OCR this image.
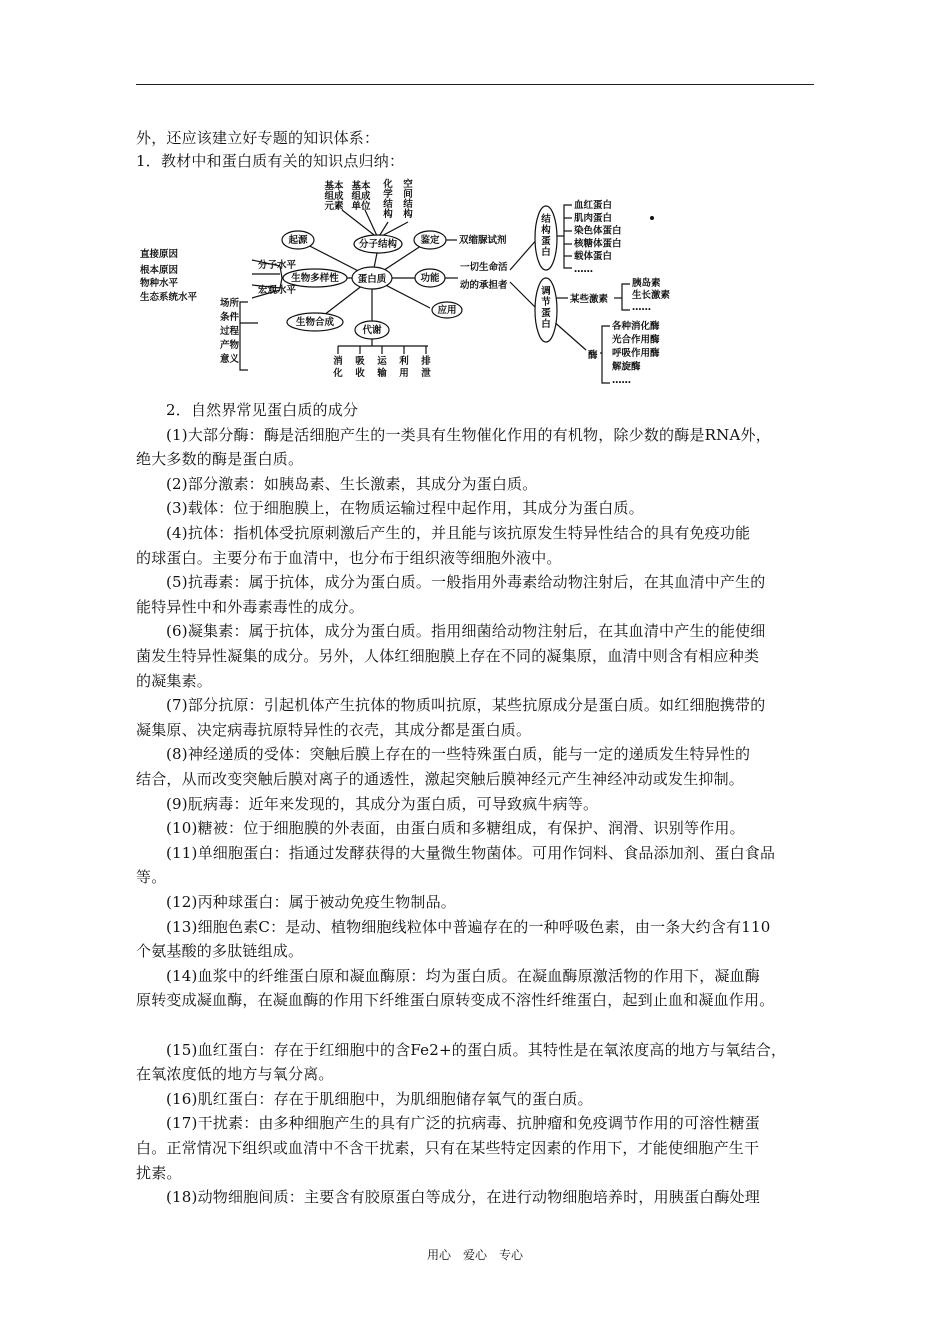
外，还应该建立好专题的知识体系：
1．教材中和蛋白质有关的知识点归纳：
基本
组成
元素
基本
组成
单位
化
学
结
构
空
间
结
构
分子结构
起源	鉴定 双缩脲试剂
生物多样性 蛋白质	功能
一切生命活
动的承担者
生物合成
代谢
应用
直接原因
根本原因
物种水平
生态系统水平
分子水平
宏观水平
场所
条件
过程
产物
意义	消
化
吸
收
运
输
利
用
排
泄
结
构
蛋
白
血红蛋白
肌肉蛋白
染色体蛋白
核糖体蛋白
载体蛋白
……
调
节
蛋
白
某些激素
胰岛素
生长激素
……
酶
各种消化酶
光合作用酶
呼吸作用酶
解旋酶
……
2．自然界常见蛋白质的成分
(1)大部分酶：酶是活细胞产生的一类具有生物催化作用的有机物，除少数的酶是RNA外，
绝大多数的酶是蛋白质。
(2)部分激素：如胰岛素、生长激素，其成分为蛋白质。
(3)载体：位于细胞膜上，在物质运输过程中起作用，其成分为蛋白质。
(4)抗体：指机体受抗原刺激后产生的，并且能与该抗原发生特异性结合的具有免疫功能
的球蛋白。主要分布于血清中，也分布于组织液等细胞外液中。
(5)抗毒素：属于抗体，成分为蛋白质。一般指用外毒素给动物注射后，在其血清中产生的
能特异性中和外毒素毒性的成分。
(6)凝集素：属于抗体，成分为蛋白质。指用细菌给动物注射后，在其血清中产生的能使细
菌发生特异性凝集的成分。另外，人体红细胞膜上存在不同的凝集原，血清中则含有相应种类
的凝集素。
(7)部分抗原：引起机体产生抗体的物质叫抗原，某些抗原成分是蛋白质。如红细胞携带的
凝集原、决定病毒抗原特异性的衣壳，其成分都是蛋白质。
(8)神经递质的受体：突触后膜上存在的一些特殊蛋白质，能与一定的递质发生特异性的
结合，从而改变突触后膜对离子的通透性，激起突触后膜神经元产生神经冲动或发生抑制。
(9)朊病毒：近年来发现的，其成分为蛋白质，可导致疯牛病等。
(10)糖被：位于细胞膜的外表面，由蛋白质和多糖组成，有保护、润滑、识别等作用。
(11)单细胞蛋白：指通过发酵获得的大量微生物菌体。可用作饲料、食品添加剂、蛋白食品
等。
(12)丙种球蛋白：属于被动免疫生物制品。
(13)细胞色素C：是动、植物细胞线粒体中普遍存在的一种呼吸色素，由一条大约含有110
个氨基酸的多肽链组成。
(14)血浆中的纤维蛋白原和凝血酶原：均为蛋白质。在凝血酶原激活物的作用下，凝血酶
原转变成凝血酶，在凝血酶的作用下纤维蛋白原转变成不溶性纤维蛋白，起到止血和凝血作用。
(15)血红蛋白：存在于红细胞中的含Fe2+的蛋白质。其特性是在氧浓度高的地方与氧结合，
在氧浓度低的地方与氧分离。
(16)肌红蛋白：存在于肌细胞中，为肌细胞储存氧气的蛋白质。
(17)干扰素：由多种细胞产生的具有广泛的抗病毒、抗肿瘤和免疫调节作用的可溶性糖蛋
白。正常情况下组织或血清中不含干扰素，只有在某些特定因素的作用下，才能使细胞产生干
扰素。
(18)动物细胞间质：主要含有胶原蛋白等成分，在进行动物细胞培养时，用胰蛋白酶处理
用心　爱心　专心
